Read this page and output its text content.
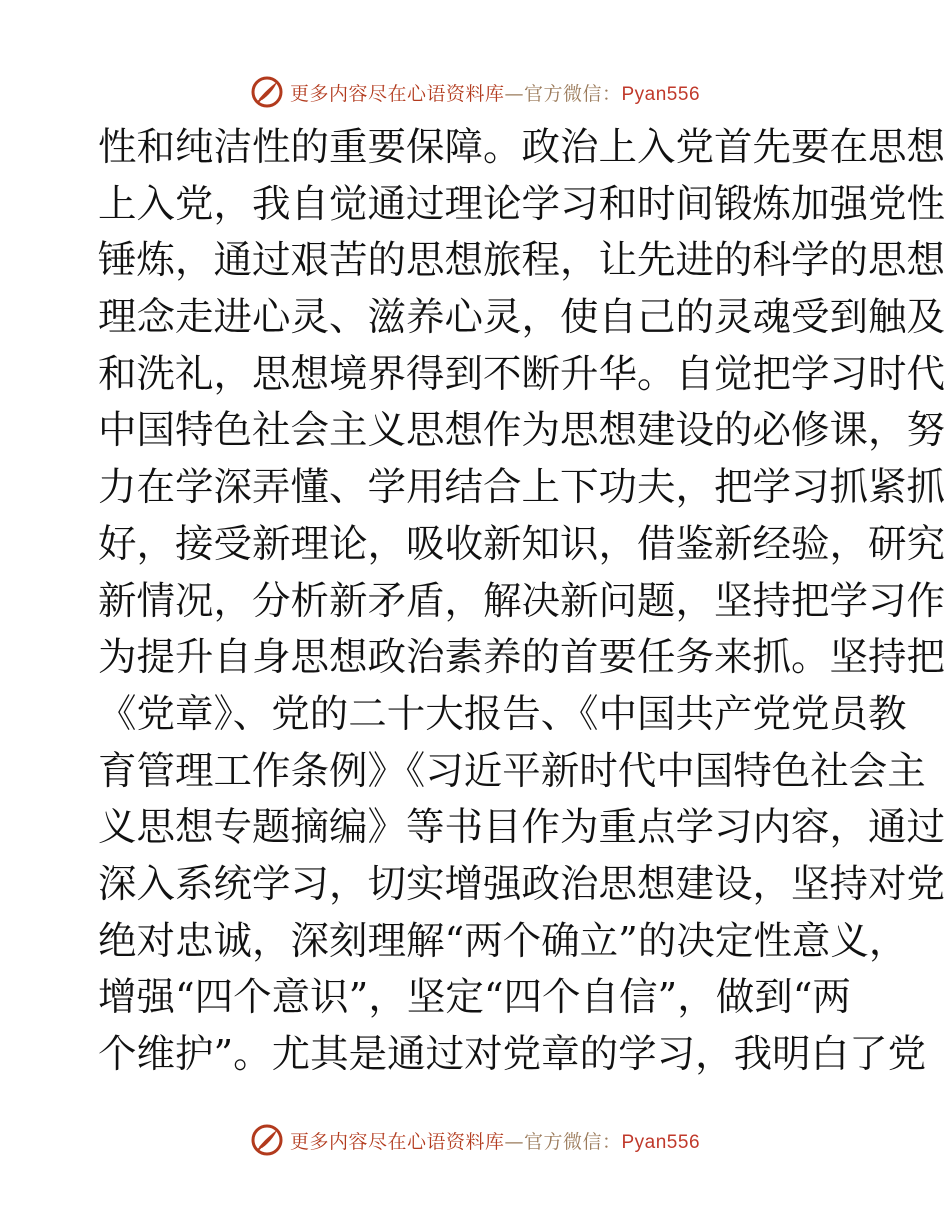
更多内容尽在心语资料库—官方微信：Pyan556
性和纯洁性的重要保障。政治上入党首先要在思想
上入党，我自觉通过理论学习和时间锻炼加强党性
锤炼，通过艰苦的思想旅程，让先进的科学的思想
理念走进心灵、滋养心灵，使自己的灵魂受到触及
和洗礼，思想境界得到不断升华。自觉把学习时代
中国特色社会主义思想作为思想建设的必修课，努
力在学深弄懂、学用结合上下功夫，把学习抓紧抓
好，接受新理论，吸收新知识，借鉴新经验，研究
新情况，分析新矛盾，解决新问题，坚持把学习作
为提升自身思想政治素养的首要任务来抓。坚持把
《党章》、党的二十大报告、《中国共产党党员教
育管理工作条例》《习近平新时代中国特色社会主
义思想专题摘编》等书目作为重点学习内容，通过
深入系统学习，切实增强政治思想建设，坚持对党
绝对忠诚，深刻理解“两个确立”的决定性意义，
增强“四个意识”，坚定“四个自信”，做到“两
个维护”。尤其是通过对党章的学习，我明白了党
更多内容尽在心语资料库—官方微信：Pyan556
